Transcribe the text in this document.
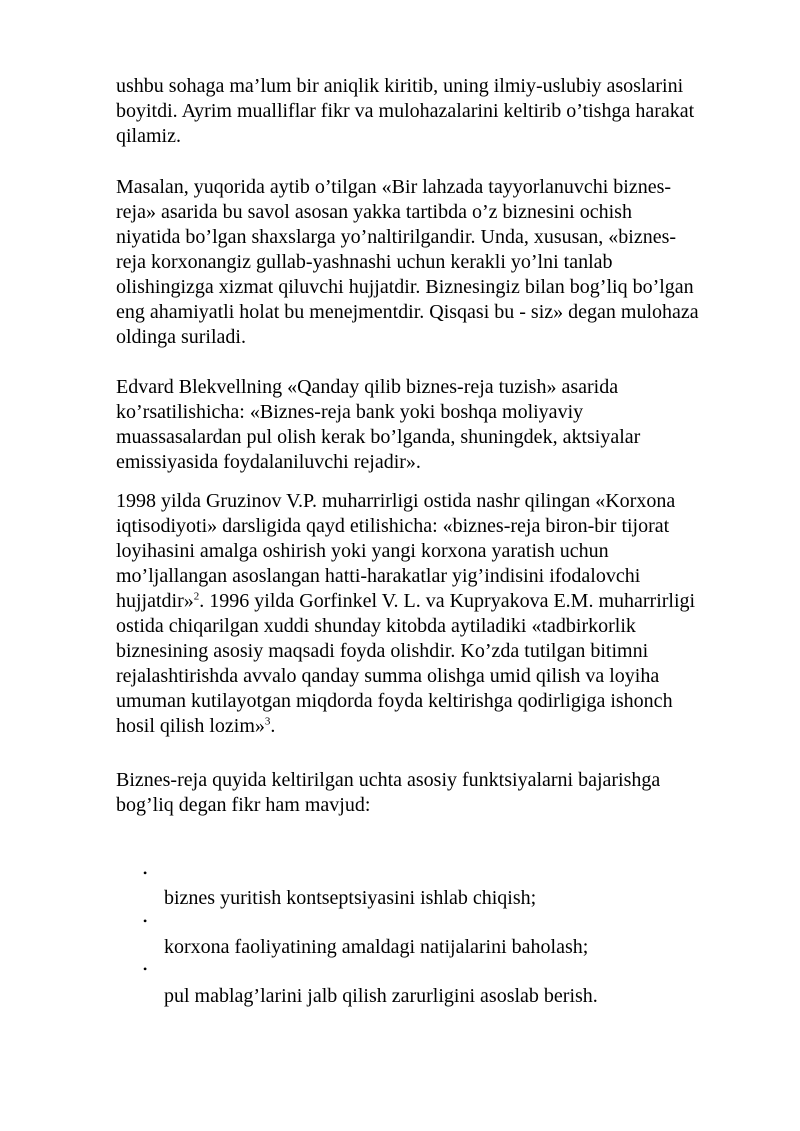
ushbu sohaga ma’lum bir aniqlik kiritib, uning ilmiy-uslubiy asoslarini
boyitdi. Ayrim mualliflar fikr va mulohazalarini keltirib o’tishga harakat
qilamiz.

Masalan, yuqorida aytib o’tilgan «Bir lahzada tayyorlanuvchi biznes-
reja» asarida bu savol asosan yakka tartibda o’z biznesini ochish
niyatida bo’lgan shaxslarga yo’naltirilgandir. Unda, xususan, «biznes-
reja korxonangiz gullab-yashnashi uchun kerakli yo’lni tanlab
olishingizga xizmat qiluvchi hujjatdir. Biznesingiz bilan bog’liq bo’lgan
eng ahamiyatli holat bu menejmentdir. Qisqasi bu - siz» degan mulohaza
oldinga suriladi.

Edvard Blekvellning «Qanday qilib biznes-reja tuzish» asarida
ko’rsatilishicha: «Biznes-reja bank yoki boshqa moliyaviy
muassasalardan pul olish kerak bo’lganda, shuningdek, aktsiyalar
emissiyasida foydalaniluvchi rejadir».

1998 yilda Gruzinov V.P. muharrirligi ostida nashr qilingan «Korxona
iqtisodiyoti» darsligida qayd etilishicha: «biznes-reja biron-bir tijorat
loyihasini amalga oshirish yoki yangi korxona yaratish uchun
mo’ljallangan asoslangan hatti-harakatlar yig’indisini ifodalovchi
hujjatdir»$^2$. 1996 yilda Gorfinkel V. L. va Kupryakova E.M. muharrirligi
ostida chiqarilgan xuddi shunday kitobda aytiladiki «tadbirkorlik
biznesining asosiy maqsadi foyda olishdir. Ko’zda tutilgan bitimni
rejalashtirishda avvalo qanday summa olishga umid qilish va loyiha
umuman kutilayotgan miqdorda foyda keltirishga qodirligiga ishonch
hosil qilish lozim»$^3$.

Biznes-reja quyida keltirilgan uchta asosiy funktsiyalarni bajarishga
bog’liq degan fikr ham mavjud:

•

biznes yuritish kontseptsiyasini ishlab chiqish;

•

korxona faoliyatining amaldagi natijalarini baholash;

•

pul mablag’larini jalb qilish zarurligini asoslab berish.
